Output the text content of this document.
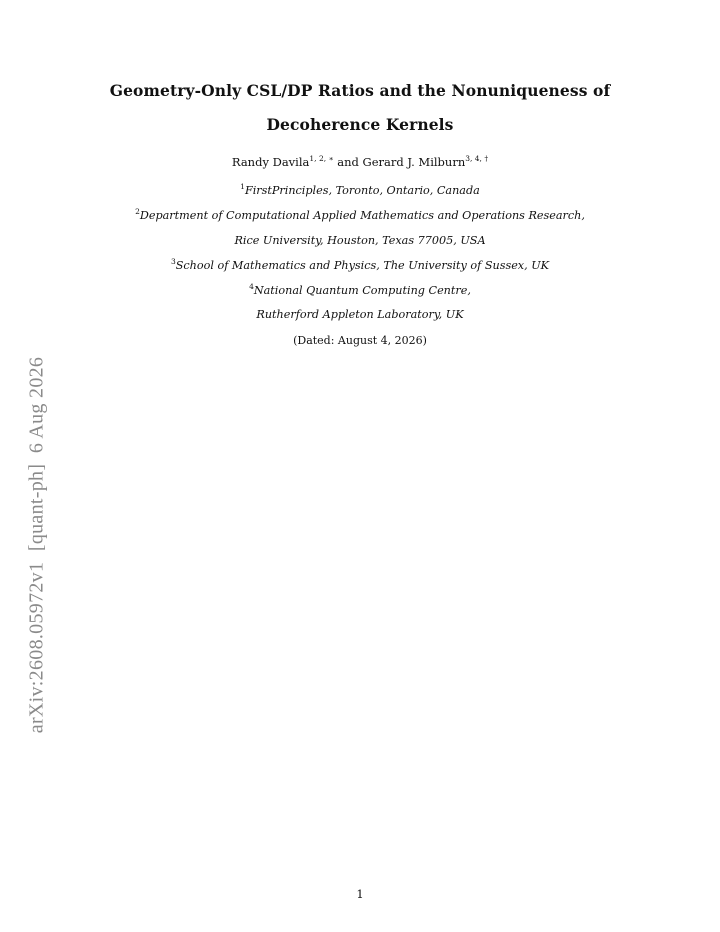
Geometry-Only CSL/DP Ratios and the Nonuniqueness of
Decoherence Kernels
Randy Davila$^{1, 2, ∗}$ and Gerard J. Milburn$^{3, 4, \dagger}$
$^1$FirstPrinciples, Toronto, Ontario, Canada
$^2$Department of Computational Applied Mathematics and Operations Research,
Rice University, Houston, Texas 77005, USA
$^3$School of Mathematics and Physics, The University of Sussex, UK
$^4$National Quantum Computing Centre,
Rutherford Appleton Laboratory, UK
(Dated: August 4, 2026)
arXiv:2608.05972v1  [quant-ph]  6 Aug 2026
1
